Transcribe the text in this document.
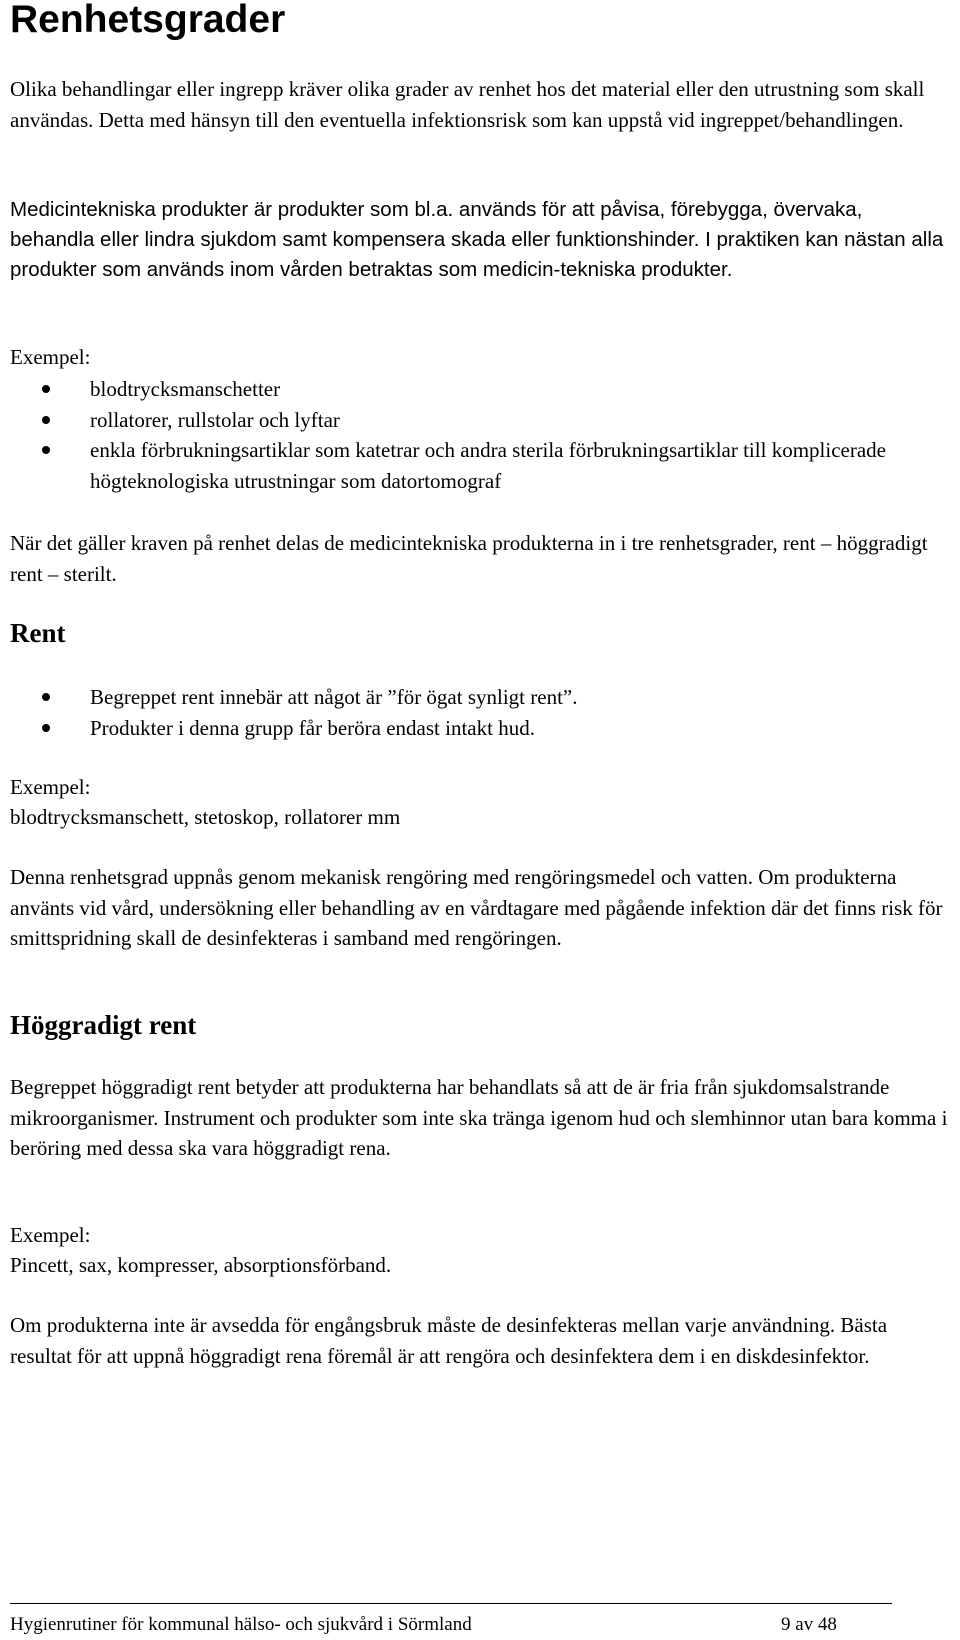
Renhetsgrader

Olika behandlingar eller ingrepp kräver olika grader av renhet hos det material eller den utrustning som skall användas. Detta med hänsyn till den eventuella infektionsrisk som kan uppstå vid ingreppet/behandlingen.

Medicintekniska produkter är produkter som bl.a. används för att påvisa, förebygga, övervaka, behandla eller lindra sjukdom samt kompensera skada eller funktionshinder. I praktiken kan nästan alla produkter som används inom vården betraktas som medicin-tekniska produkter.

Exempel:

blodtrycksmanschetter
rollatorer, rullstolar och lyftar
enkla förbrukningsartiklar som katetrar och andra sterila förbrukningsartiklar till komplicerade högteknologiska utrustningar som datortomograf

När det gäller kraven på renhet delas de medicintekniska produkterna in i tre renhetsgrader, rent – höggradigt rent – sterilt.

Rent
Begreppet rent innebär att något är ”för ögat synligt rent”.
Produkter i denna grupp får beröra endast intakt hud.

Exempel:

blodtrycksmanschett, stetoskop, rollatorer mm

Denna renhetsgrad uppnås genom mekanisk rengöring med rengöringsmedel och vatten. Om produkterna använts vid vård, undersökning eller behandling av en vårdtagare med pågående infektion där det finns risk för smittspridning skall de desinfekteras i samband med rengöringen.

Höggradigt rent

Begreppet höggradigt rent betyder att produkterna har behandlats så att de är fria från sjukdomsalstrande mikroorganismer. Instrument och produkter som inte ska tränga igenom hud och slemhinnor utan bara komma i beröring med dessa ska vara höggradigt rena.

Exempel:

Pincett, sax, kompresser, absorptionsförband.

Om produkterna inte är avsedda för engångsbruk måste de desinfekteras mellan varje användning. Bästa resultat för att uppnå höggradigt rena föremål är att rengöra och desinfektera dem i en diskdesinfektor.

Hygienrutiner för kommunal hälso- och sjukvård i Sörmland	9 av 48
